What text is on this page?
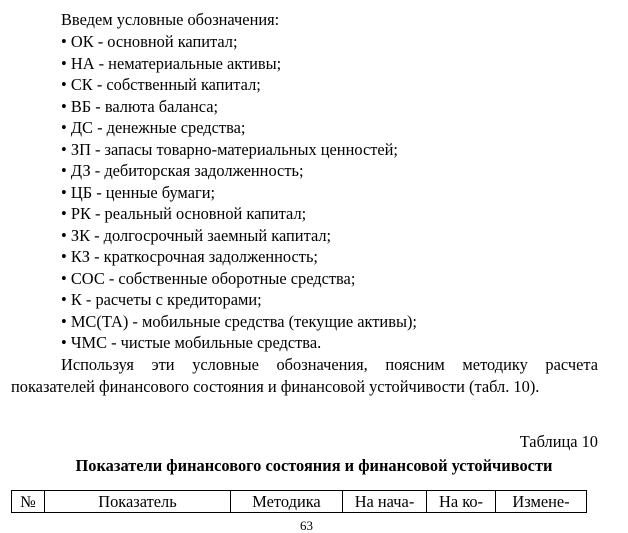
Введем условные обозначения:
• ОК - основной капитал;
• НА - нематериальные активы;
• СК - собственный капитал;
• ВБ - валюта баланса;
• ДС - денежные средства;
• ЗП - запасы товарно-материальных ценностей;
• ДЗ - дебиторская задолженность;
• ЦБ - ценные бумаги;
• РК - реальный основной капитал;
• ЗК - долгосрочный заемный капитал;
• КЗ - краткосрочная задолженность;
• СОС - собственные оборотные средства;
• К - расчеты с кредиторами;
• МС(ТА) - мобильные средства (текущие активы);
• ЧМС - чистые мобильные средства.

Используя эти условные обозначения, поясним методику расчета показателей финансового состояния и финансовой устойчивости (табл. 10).

Таблица 10
Показатели финансового состояния и финансовой устойчивости
№	Показатель	Методика	На нача-	На ко-	Измене-
63
